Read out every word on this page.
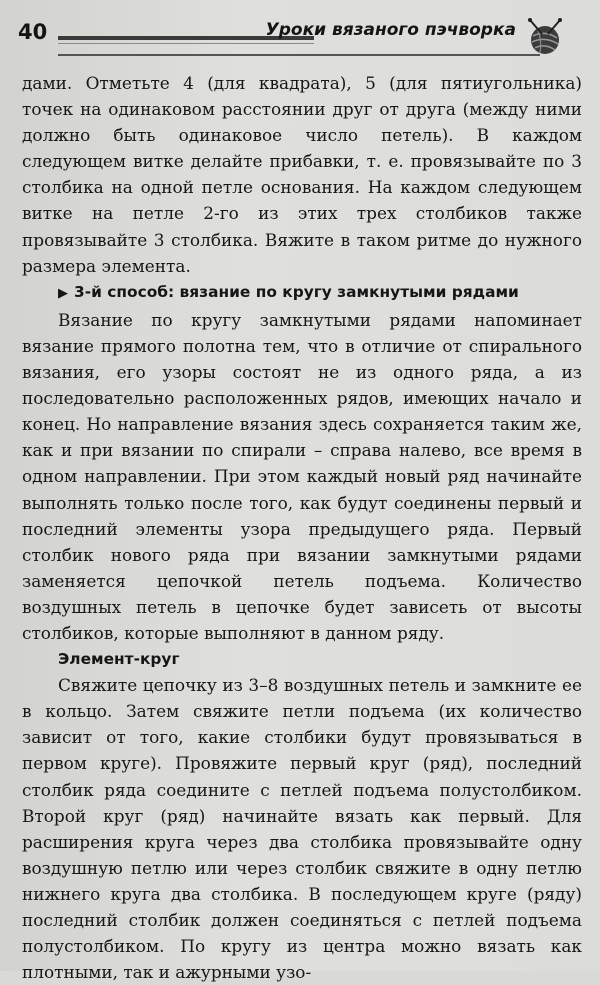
40	Уроки вязаного пэчворка

дами. Отметьте 4 (для квадрата), 5 (для пятиугольника) точек на одинаковом расстоянии друг от друга (между ними должно быть одинаковое число петель). В каждом следующем витке делайте прибавки, т. е. провязывайте по 3 столбика на одной петле основания. На каждом следующем витке на петле 2-го из этих трех столбиков также провязывайте 3 столбика. Вяжите в таком ритме до нужного размера элемента.

▶ 3-й способ: вязание по кругу замкнутыми рядами

Вязание по кругу замкнутыми рядами напоминает вязание прямого полотна тем, что в отличие от спирального вязания, его узоры состоят не из одного ряда, а из последовательно расположенных рядов, имеющих начало и конец. Но направление вязания здесь сохраняется таким же, как и при вязании по спирали – справа налево, все время в одном направлении. При этом каждый новый ряд начинайте выполнять только после того, как будут соединены первый и последний элементы узора предыдущего ряда. Первый столбик нового ряда при вязании замкнутыми рядами заменяется цепочкой петель подъема. Количество воздушных петель в цепочке будет зависеть от высоты столбиков, которые выполняют в данном ряду.

Элемент-круг

Свяжите цепочку из 3–8 воздушных петель и замкните ее в кольцо. Затем свяжите петли подъема (их количество зависит от того, какие столбики будут провязываться в первом круге). Провяжите первый круг (ряд), последний столбик ряда соедините с петлей подъема полустолбиком. Второй круг (ряд) начинайте вязать как первый. Для расширения круга через два столбика провязывайте одну воздушную петлю или через столбик свяжите в одну петлю нижнего круга два столбика. В последующем круге (ряду) последний столбик должен соединяться с петлей подъема полустолбиком. По кругу из центра можно вязать как плотными, так и ажурными узо-
